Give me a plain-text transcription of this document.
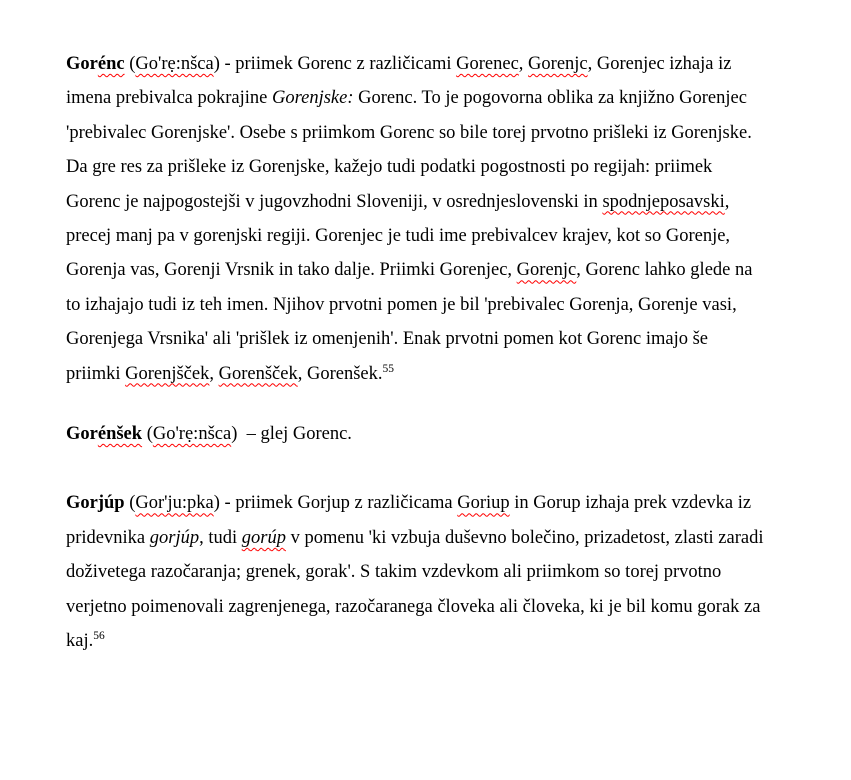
Gorénc (Go'rẹ:nšca) - priimek Gorenc z različicami Gorenec, Gorenjc, Gorenjec izhaja iz
imena prebivalca pokrajine Gorenjske: Gorenc. To je pogovorna oblika za knjižno Gorenjec
'prebivalec Gorenjske'. Osebe s priimkom Gorenc so bile torej prvotno prišleki iz Gorenjske.
Da gre res za prišleke iz Gorenjske, kažejo tudi podatki pogostnosti po regijah: priimek
Gorenc je najpogostejši v jugovzhodni Sloveniji, v osrednjeslovenski in spodnjeposavski,
precej manj pa v gorenjski regiji. Gorenjec je tudi ime prebivalcev krajev, kot so Gorenje,
Gorenja vas, Gorenji Vrsnik in tako dalje. Priimki Gorenjec, Gorenjc, Gorenc lahko glede na
to izhajajo tudi iz teh imen. Njihov prvotni pomen je bil 'prebivalec Gorenja, Gorenje vasi,
Gorenjega Vrsnika' ali 'prišlek iz omenjenih'. Enak prvotni pomen kot Gorenc imajo še
priimki Gorenjšček, Gorenšček, Gorenšek.$^{55}$
Gorénšek (Go'rẹ:nšca)  – glej Gorenc.
Gorjúp (Gor'ju:pka) - priimek Gorjup z različicama Goriup in Gorup izhaja prek vzdevka iz
pridevnika gorjúp, tudi gorúp v pomenu 'ki vzbuja duševno bolečino, prizadetost, zlasti zaradi
doživetega razočaranja; grenek, gorak'. S takim vzdevkom ali priimkom so torej prvotno
verjetno poimenovali zagrenjenega, razočaranega človeka ali človeka, ki je bil komu gorak za
kaj.$^{56}$
